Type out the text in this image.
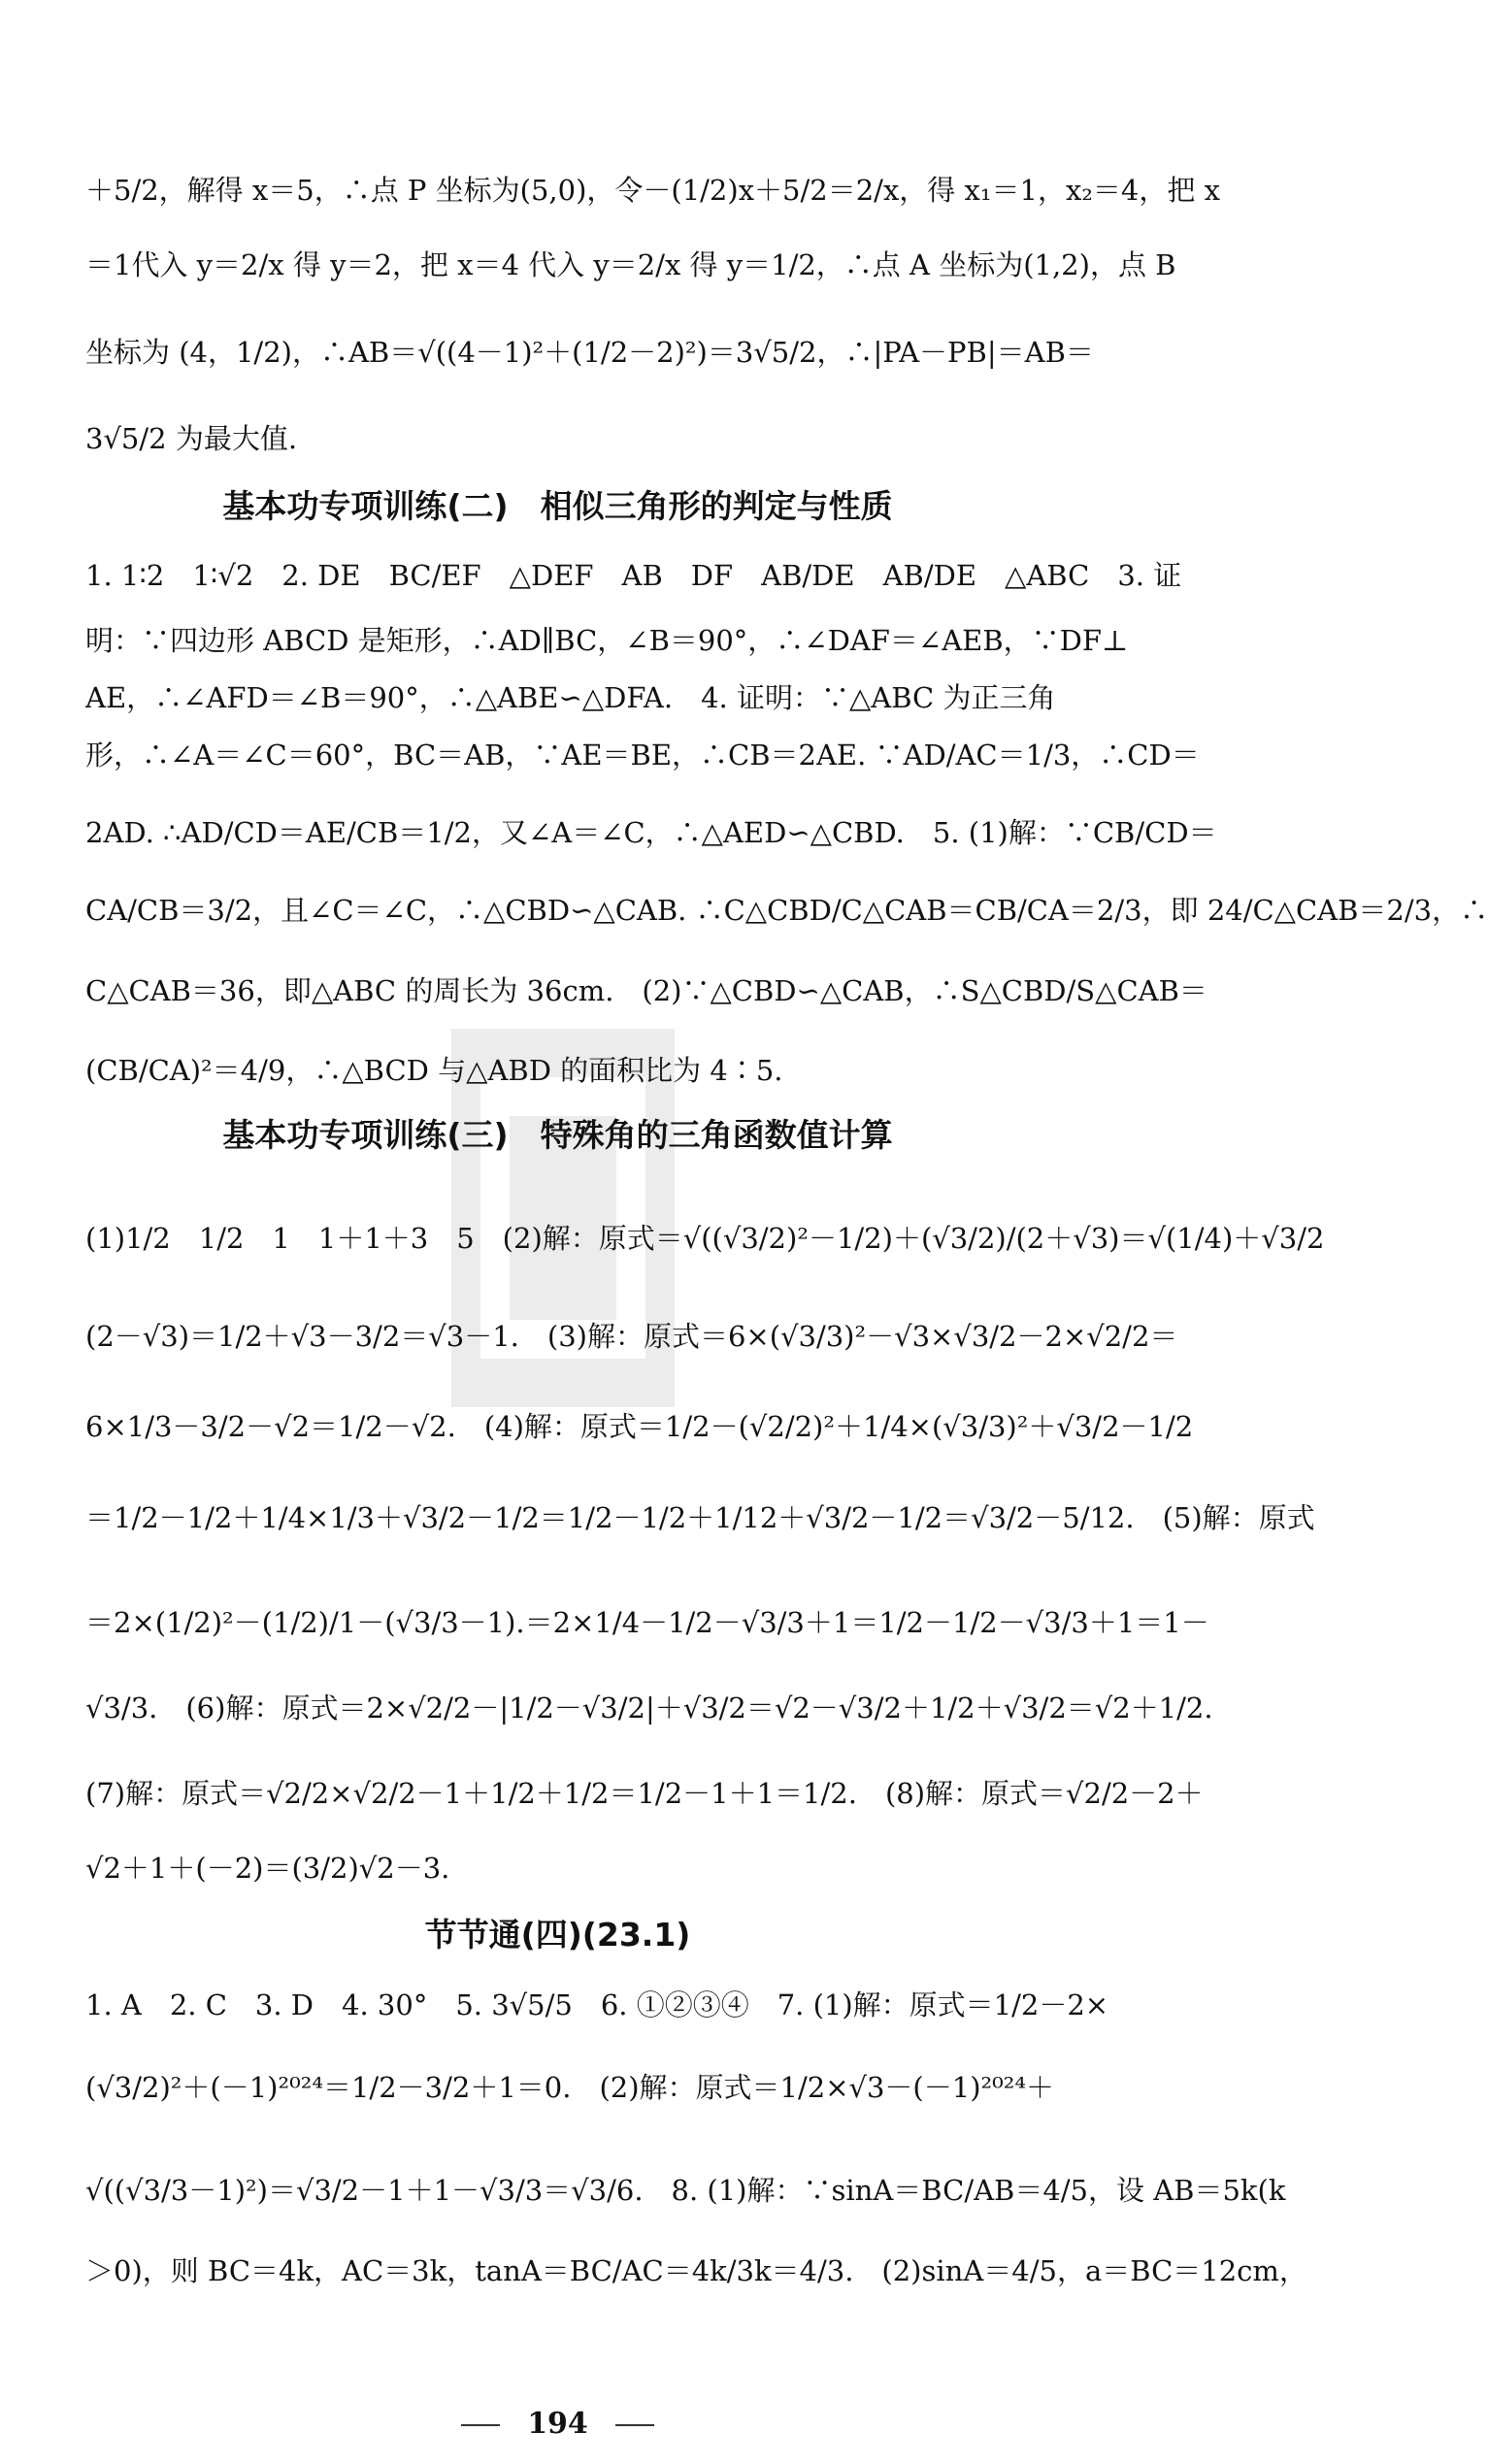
＋5/2，解得 x＝5，∴点 P 坐标为(5,0)，令－(1/2)x＋5/2＝2/x，得 x₁＝1，x₂＝4，把 x
＝1代入 y＝2/x 得 y＝2，把 x＝4 代入 y＝2/x 得 y＝1/2，∴点 A 坐标为(1,2)，点 B
坐标为 (4，1/2)，∴AB＝√((4－1)²＋(1/2－2)²)＝3√5/2，∴|PA－PB|＝AB＝
3√5/2 为最大值.
基本功专项训练(二)　相似三角形的判定与性质
1. 1∶2　1∶√2　2. DE　BC/EF　△DEF　AB　DF　AB/DE　AB/DE　△ABC　3. 证
明：∵四边形 ABCD 是矩形，∴AD∥BC，∠B＝90°，∴∠DAF＝∠AEB，∵DF⊥
AE，∴∠AFD＝∠B＝90°，∴△ABE∽△DFA.　4. 证明：∵△ABC 为正三角
形，∴∠A＝∠C＝60°，BC＝AB，∵AE＝BE，∴CB＝2AE. ∵AD/AC＝1/3，∴CD＝
2AD. ∴AD/CD＝AE/CB＝1/2，又∠A＝∠C，∴△AED∽△CBD.　5. (1)解：∵CB/CD＝
CA/CB＝3/2，且∠C＝∠C，∴△CBD∽△CAB. ∴C△CBD/C△CAB＝CB/CA＝2/3，即 24/C△CAB＝2/3，∴
C△CAB＝36，即△ABC 的周长为 36cm.　(2)∵△CBD∽△CAB，∴S△CBD/S△CAB＝
(CB/CA)²＝4/9，∴△BCD 与△ABD 的面积比为 4∶5.
基本功专项训练(三)　特殊角的三角函数值计算
(1)1/2　1/2　1　1＋1＋3　5　(2)解：原式＝√((√3/2)²－1/2)＋(√3/2)/(2＋√3)＝√(1/4)＋√3/2
(2－√3)＝1/2＋√3－3/2＝√3－1.　(3)解：原式＝6×(√3/3)²－√3×√3/2－2×√2/2＝
6×1/3－3/2－√2＝1/2－√2.　(4)解：原式＝1/2－(√2/2)²＋1/4×(√3/3)²＋√3/2－1/2
＝1/2－1/2＋1/4×1/3＋√3/2－1/2＝1/2－1/2＋1/12＋√3/2－1/2＝√3/2－5/12.　(5)解：原式
＝2×(1/2)²－(1/2)/1－(√3/3－1).＝2×1/4－1/2－√3/3＋1＝1/2－1/2－√3/3＋1＝1－
√3/3.　(6)解：原式＝2×√2/2－|1/2－√3/2|＋√3/2＝√2－√3/2＋1/2＋√3/2＝√2＋1/2.
(7)解：原式＝√2/2×√2/2－1＋1/2＋1/2＝1/2－1＋1＝1/2.　(8)解：原式＝√2/2－2＋
√2＋1＋(－2)＝(3/2)√2－3.
节节通(四)(23.1)
1. A　2. C　3. D　4. 30°　5. 3√5/5　6. ①②③④　7. (1)解：原式＝1/2－2×
(√3/2)²＋(－1)²⁰²⁴＝1/2－3/2＋1＝0.　(2)解：原式＝1/2×√3－(－1)²⁰²⁴＋
√((√3/3－1)²)＝√3/2－1＋1－√3/3＝√3/6.　8. (1)解：∵sinA＝BC/AB＝4/5，设 AB＝5k(k
＞0)，则 BC＝4k，AC＝3k，tanA＝BC/AC＝4k/3k＝4/3.　(2)sinA＝4/5，a＝BC＝12cm，
194
